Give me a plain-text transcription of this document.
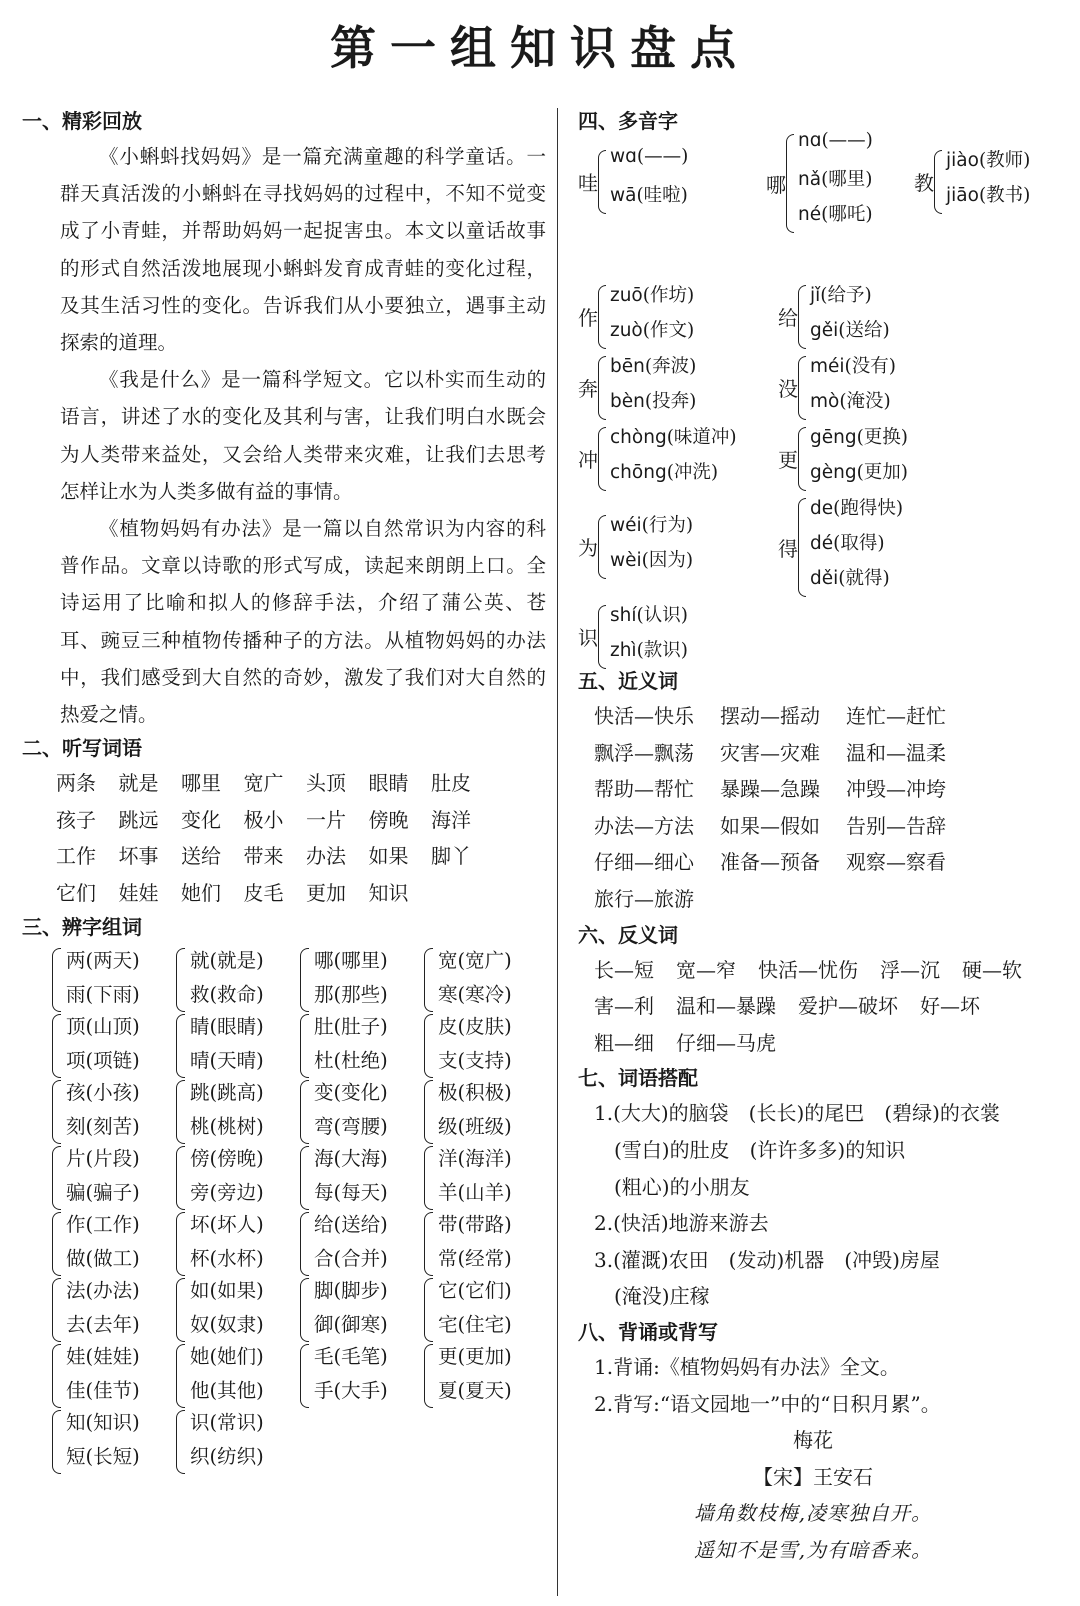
第一组知识盘点
一、精彩回放

《小蝌蚪找妈妈》是一篇充满童趣的科学童话。一群天真活泼的小蝌蚪在寻找妈妈的过程中，不知不觉变成了小青蛙，并帮助妈妈一起捉害虫。本文以童话故事的形式自然活泼地展现小蝌蚪发育成青蛙的变化过程，及其生活习性的变化。告诉我们从小要独立，遇事主动探索的道理。

《我是什么》是一篇科学短文。它以朴实而生动的语言，讲述了水的变化及其利与害，让我们明白水既会为人类带来益处，又会给人类带来灾难，让我们去思考怎样让水为人类多做有益的事情。

《植物妈妈有办法》是一篇以自然常识为内容的科普作品。文章以诗歌的形式写成，读起来朗朗上口。全诗运用了比喻和拟人的修辞手法，介绍了蒲公英、苍耳、豌豆三种植物传播种子的方法。从植物妈妈的办法中，我们感受到大自然的奇妙，激发了我们对大自然的热爱之情。

二、听写词语
两条 就是 哪里 宽广 头顶 眼睛 肚皮
孩子 跳远 变化 极小 一片 傍晚 海洋
工作 坏事 送给 带来 办法 如果 脚丫
它们 娃娃 她们 皮毛 更加 知识
三、辨字组词
两(两天)
雨(下雨)
就(就是)
救(救命)
哪(哪里)
那(那些)
宽(宽广)
寒(寒冷)
顶(山顶)
项(项链)
睛(眼睛)
晴(天晴)
肚(肚子)
杜(杜绝)
皮(皮肤)
支(支持)
孩(小孩)
刻(刻苦)
跳(跳高)
桃(桃树)
变(变化)
弯(弯腰)
极(积极)
级(班级)
片(片段)
骗(骗子)
傍(傍晚)
旁(旁边)
海(大海)
每(每天)
洋(海洋)
羊(山羊)
作(工作)
做(做工)
坏(坏人)
杯(水杯)
给(送给)
合(合并)
带(带路)
常(经常)
法(办法)
去(去年)
如(如果)
奴(奴隶)
脚(脚步)
御(御寒)
它(它们)
宅(住宅)
娃(娃娃)
佳(佳节)
她(她们)
他(其他)
毛(毛笔)
手(大手)
更(更加)
夏(夏天)
知(知识)
短(长短)
识(常识)
织(纺织)
四、多音字
哇
wɑ(——)
wā(哇啦)	哪
nɑ(——)
nǎ(哪里)
né(哪吒)
教
jiào(教师)
jiāo(教书)
作
zuō(作坊)
zuò(作文)
给
jǐ(给予)
gěi(送给)
奔
bēn(奔波)
bèn(投奔)
没
méi(没有)
mò(淹没)
冲
chòng(味道冲)
chōng(冲洗)
更
gēng(更换)
gèng(更加)
为
wéi(行为)
wèi(因为)	得
de(跑得快)
dé(取得)
děi(就得)
识
shí(认识)
zhì(款识)
五、近义词
快活—快乐 摆动—摇动 连忙—赶忙
飘浮—飘荡 灾害—灾难 温和—温柔
帮助—帮忙 暴躁—急躁 冲毁—冲垮
办法—方法 如果—假如 告别—告辞
仔细—细心 准备—预备 观察—察看
旅行—旅游
六、反义词
长—短 宽—窄 快活—忧伤 浮—沉 硬—软
害—利 温和—暴躁 爱护—破坏 好—坏
粗—细 仔细—马虎
七、词语搭配
1.(大大)的脑袋　(长长)的尾巴　(碧绿)的衣裳
(雪白)的肚皮　(许许多多)的知识
(粗心)的小朋友
2.(快活)地游来游去
3.(灌溉)农田　(发动)机器　(冲毁)房屋
(淹没)庄稼
八、背诵或背写
1.背诵:《植物妈妈有办法》全文。
2.背写:“语文园地一”中的“日积月累”。
梅花
【宋】王安石
墙角数枝梅,凌寒独自开。
遥知不是雪,为有暗香来。
